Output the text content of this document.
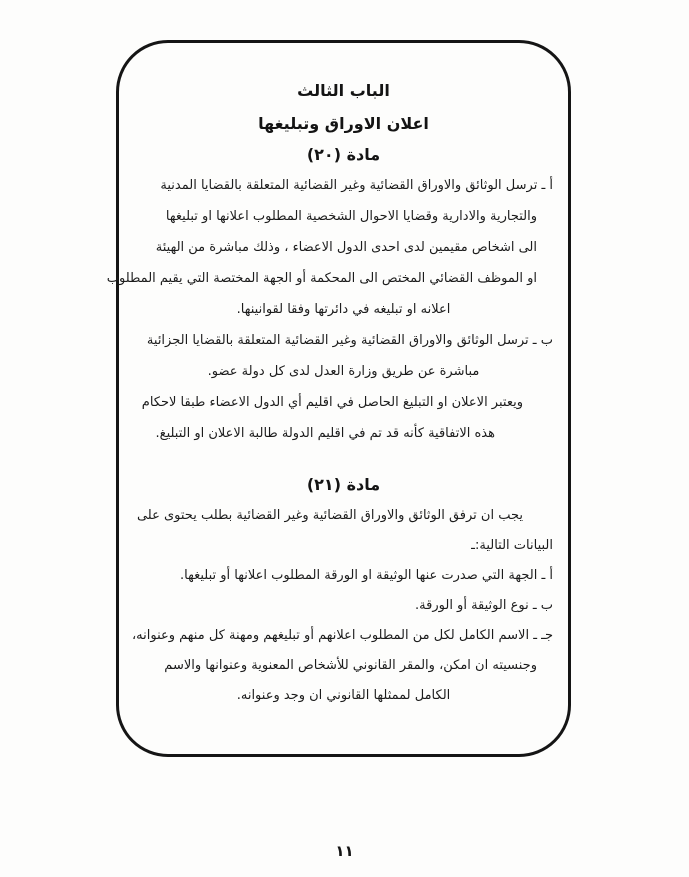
الباب الثالث
اعلان الاوراق وتبليغها
مادة (٢٠)
أ ـ ترسل الوثائق والاوراق القضائية وغير القضائية المتعلقة بالقضايا المدنية
والتجارية والادارية وقضايا الاحوال الشخصية المطلوب اعلانها او تبليغها
الى اشخاص مقيمين لدى احدى الدول الاعضاء ، وذلك مباشرة من الهيئة
او الموظف القضائي المختص الى المحكمة أو الجهة المختصة التي يقيم المطلوب
اعلانه او تبليغه في دائرتها وفقا لقوانينها.
ب ـ ترسل الوثائق والاوراق القضائية وغير القضائية المتعلقة بالقضايا الجزائية
مباشرة عن طريق وزارة العدل لدى كل دولة عضو.
ويعتبر الاعلان او التبليغ الحاصل في اقليم أي الدول الاعضاء طبقا لاحكام
هذه الاتفاقية كأنه قد تم في اقليم الدولة طالبة الاعلان او التبليغ.
مادة (٢١)
يجب ان ترفق الوثائق والاوراق القضائية وغير القضائية بطلب يحتوى على
البيانات التالية:ـ
أ ـ الجهة التي صدرت عنها الوثيقة او الورقة المطلوب اعلانها أو تبليغها.
ب ـ نوع الوثيقة أو الورقة.
جـ ـ الاسم الكامل لكل من المطلوب اعلانهم أو تبليغهم ومهنة كل منهم وعنوانه،
وجنسيته ان امكن، والمقر القانوني للأشخاص المعنوية وعنوانها والاسم
الكامل لممثلها القانوني ان وجد وعنوانه.
١١
